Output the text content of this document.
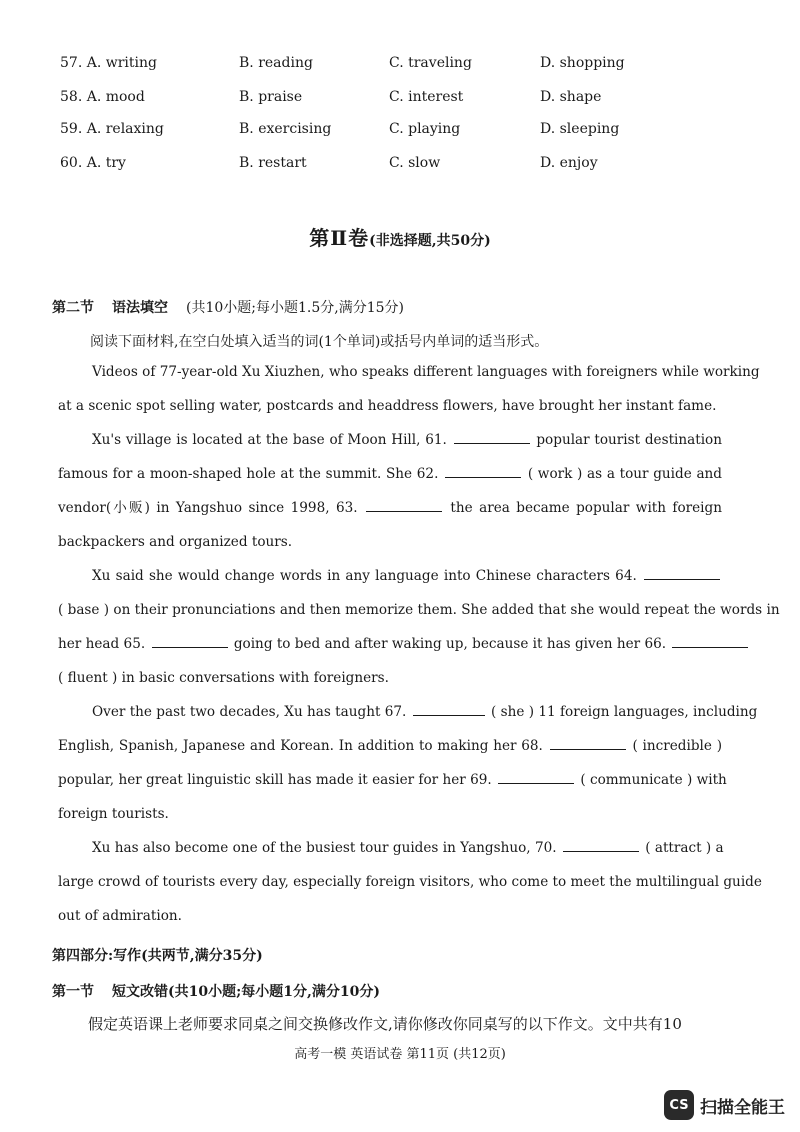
57. A. writing	B. reading	C. traveling	D. shopping
58. A. mood	B. praise	C. interest	D. shape
59. A. relaxing	B. exercising	C. playing	D. sleeping
60. A. try	B. restart	C. slow	D. enjoy
第Ⅱ卷(非选择题,共50分)
第二节 语法填空 (共10小题;每小题1.5分,满分15分)
阅读下面材料,在空白处填入适当的词(1个单词)或括号内单词的适当形式。
Videos of 77-year-old Xu Xiuzhen, who speaks different languages with foreigners while working
at a scenic spot selling water, postcards and headdress flowers, have brought her instant fame.
Xu's village is located at the base of Moon Hill, 61.	popular tourist destination
famous for a moon-shaped hole at the summit. She 62.	( work ) as a tour guide and
vendor(小贩) in Yangshuo since 1998, 63.	the area became popular with foreign
backpackers and organized tours.
Xu said she would change words in any language into Chinese characters 64.
( base ) on their pronunciations and then memorize them. She added that she would repeat the words in
her head 65.	going to bed and after waking up, because it has given her 66.
( fluent ) in basic conversations with foreigners.
Over the past two decades, Xu has taught 67.	( she ) 11 foreign languages, including
English, Spanish, Japanese and Korean. In addition to making her 68.	( incredible )
popular, her great linguistic skill has made it easier for her 69.	( communicate ) with
foreign tourists.
Xu has also become one of the busiest tour guides in Yangshuo, 70.	( attract ) a
large crowd of tourists every day, especially foreign visitors, who come to meet the multilingual guide
out of admiration.
第四部分:写作(共两节,满分35分)
第一节 短文改错(共10小题;每小题1分,满分10分)
假定英语课上老师要求同桌之间交换修改作文,请你修改你同桌写的以下作文。文中共有10
高考一模 英语试卷 第11页 (共12页)
CS 扫描全能王
